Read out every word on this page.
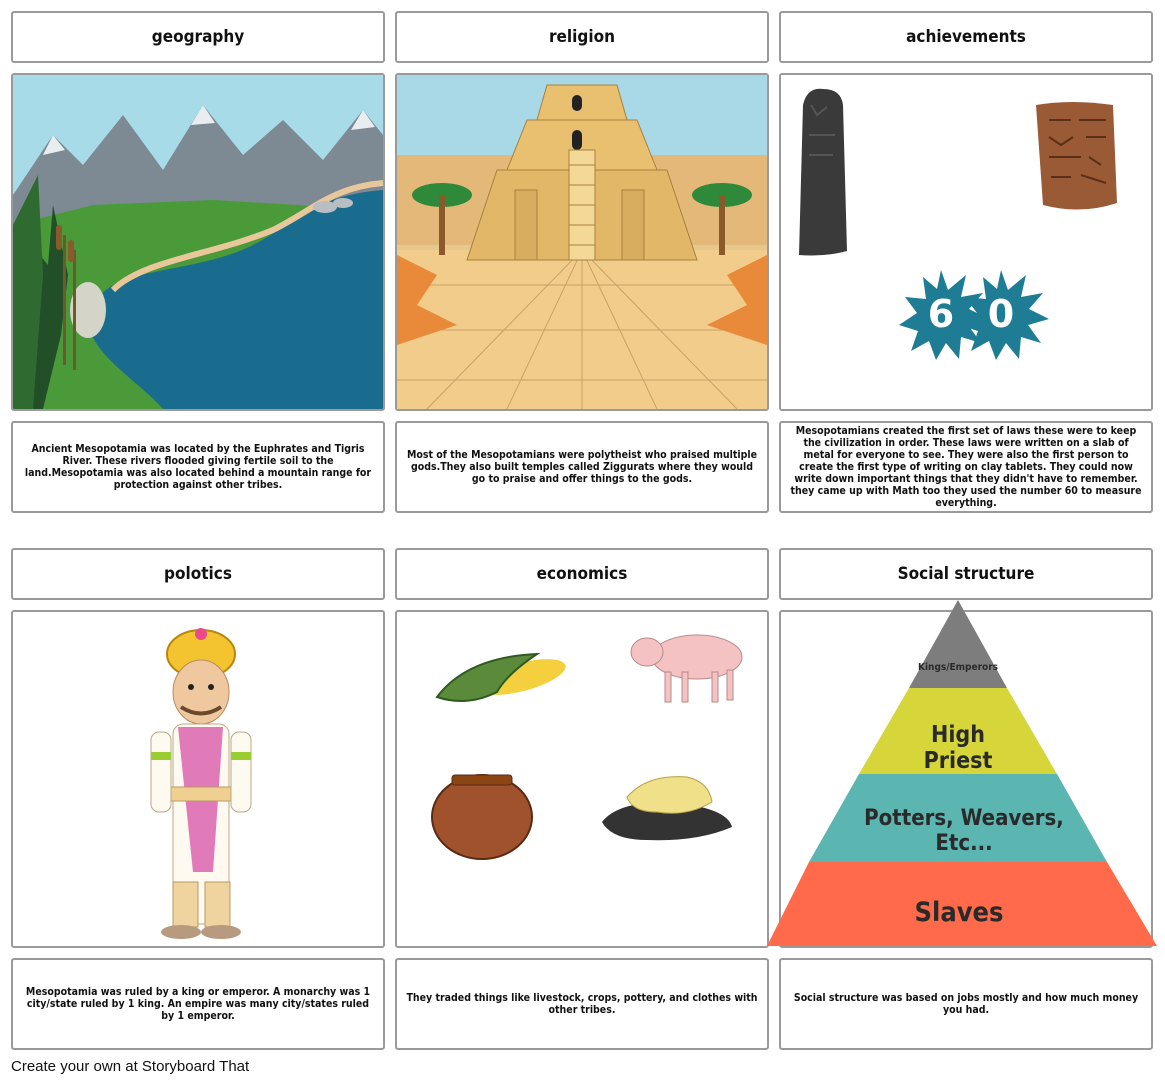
geography	religion	achievements
6 0
Ancient Mesopotamia was located by the Euphrates and Tigris River. These rivers flooded giving fertile soil to the land.Mesopotamia was also located behind a mountain range for protection against other tribes.
Most of the Mesopotamians were polytheist who praised multiple gods.They also built temples called Ziggurats where they would go to praise and offer things to the gods.
Mesopotamians created the first set of laws these were to keep the civilization in order. These laws were written on a slab of metal for everyone to see. They were also the first person to create the first type of writing on clay tablets. They could now write down important things that they didn't have to remember. they came up with Math too they used the number 60 to measure everything.
polotics	economics	Social structure
Kings/Emperors
High
Priest
Potters, Weavers,
Etc...
Slaves
Mesopotamia was ruled by a king or emperor. A monarchy was 1 city/state ruled by 1 king. An empire was many city/states ruled by 1 emperor.
They traded things like livestock, crops, pottery, and clothes with other tribes.
Social structure was based on jobs mostly and how much money you had.
Create your own at Storyboard That
